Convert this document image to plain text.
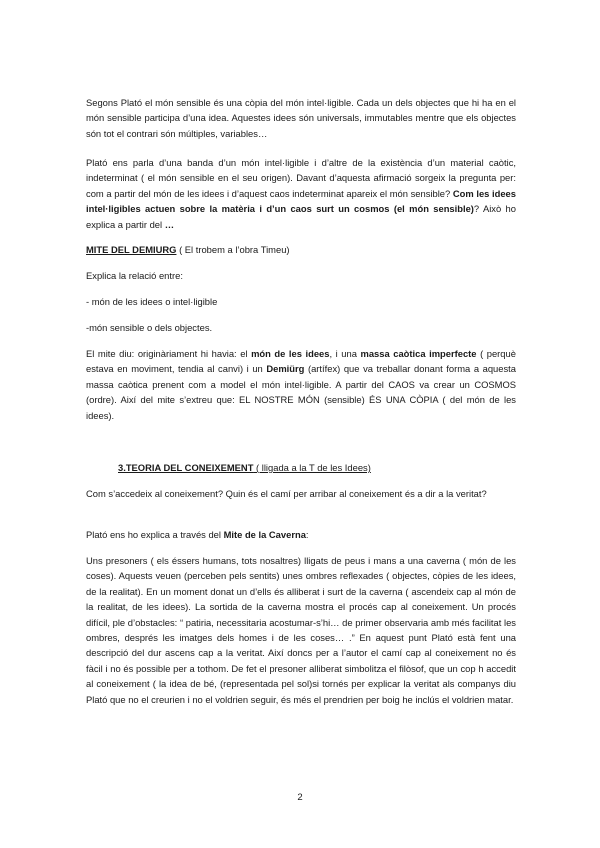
Segons Plató el món sensible és una còpia del món intel·ligible. Cada un dels objectes que hi ha en el món sensible participa d’una idea. Aquestes idees són universals, immutables mentre que els objectes són tot el contrari són múltiples, variables…

Plató ens parla d’una banda d’un món intel·ligible i d’altre de la existència d’un material caòtic, indeterminat ( el món sensible en el seu origen). Davant d’aquesta afirmació sorgeix la pregunta per: com a partir del món de les idees i d’aquest caos indeterminat apareix el món sensible? Com les idees intel·ligibles actuen sobre la matèria i d’un caos surt un cosmos (el món sensible)? Això ho explica a partir del …

MITE DEL DEMIURG ( El trobem a l’obra Timeu)

Explica la relació entre:

- món de les idees o intel·ligible

-món sensible o dels objectes.

El mite diu: originàriament hi havia: el món de les idees, i una massa caòtica imperfecte ( perquè estava en moviment, tendia al canvi) i un Demiürg (artífex) que va treballar donant forma a aquesta massa caòtica prenent com a model el món intel·ligible. A partir del CAOS va crear un COSMOS (ordre). Així del mite s’extreu que: EL NOSTRE MÓN (sensible) ÉS UNA CÒPIA ( del món de les idees).

3.TEORIA DEL CONEIXEMENT ( lligada a la T de les Idees)

Com s’accedeix al coneixement? Quin és el camí per arribar al coneixement és a dir a la veritat?

Plató ens ho explica a través del Mite de la Caverna:

Uns presoners ( els éssers humans, tots nosaltres) lligats de peus i mans a una caverna ( món de les coses). Aquests veuen (perceben pels sentits) unes ombres reflexades ( objectes, còpies de les idees, de la realitat). En un moment donat un d’ells és alliberat i surt de la caverna ( ascendeix cap al món de la realitat, de les idees). La sortida de la caverna mostra el procés cap al coneixement. Un procés difícil, ple d’obstacles: “ patiria, necessitaria acostumar-s’hi… de primer observaria amb més facilitat les ombres, després les imatges dels homes i de les coses… .” En aquest punt Plató està fent una descripció del dur ascens cap a la veritat. Així doncs per a l’autor el camí cap al coneixement no és fàcil i no és possible per a tothom. De fet el presoner alliberat simbolitza el filòsof, que un cop h accedit al coneixement ( la idea de bé, (representada pel sol)si tornés per explicar la veritat als companys diu Plató que no el creurien i no el voldrien seguir, és més el prendrien per boig he inclús el voldrien matar.

2
